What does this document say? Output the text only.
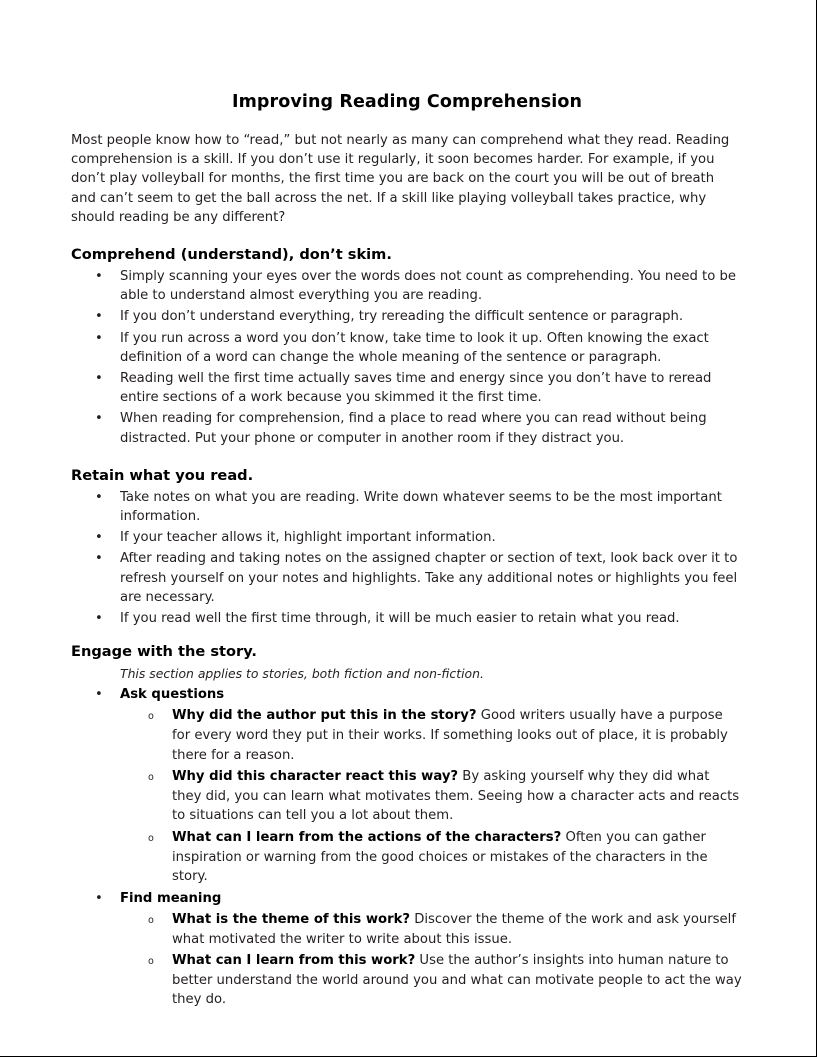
Improving Reading Comprehension

Most people know how to “read,” but not nearly as many can comprehend what they read. Reading comprehension is a skill. If you don’t use it regularly, it soon becomes harder. For example, if you don’t play volleyball for months, the first time you are back on the court you will be out of breath and can’t seem to get the ball across the net. If a skill like playing volleyball takes practice, why should reading be any different?

Comprehend (understand), don’t skim.
• Simply scanning your eyes over the words does not count as comprehending. You need to be able to understand almost everything you are reading.
• If you don’t understand everything, try rereading the difficult sentence or paragraph.
• If you run across a word you don’t know, take time to look it up. Often knowing the exact definition of a word can change the whole meaning of the sentence or paragraph.
• Reading well the first time actually saves time and energy since you don’t have to reread entire sections of a work because you skimmed it the first time.
• When reading for comprehension, find a place to read where you can read without being distracted. Put your phone or computer in another room if they distract you.
Retain what you read.
• Take notes on what you are reading. Write down whatever seems to be the most important information.
• If your teacher allows it, highlight important information.
• After reading and taking notes on the assigned chapter or section of text, look back over it to refresh yourself on your notes and highlights. Take any additional notes or highlights you feel are necessary.
• If you read well the first time through, it will be much easier to retain what you read.
Engage with the story.

This section applies to stories, both fiction and non-fiction.

• Ask questions
o Why did the author put this in the story? Good writers usually have a purpose for every word they put in their works. If something looks out of place, it is probably there for a reason.
o Why did this character react this way? By asking yourself why they did what they did, you can learn what motivates them. Seeing how a character acts and reacts to situations can tell you a lot about them.
o What can I learn from the actions of the characters? Often you can gather inspiration or warning from the good choices or mistakes of the characters in the story.
• Find meaning
o What is the theme of this work? Discover the theme of the work and ask yourself what motivated the writer to write about this issue.
o What can I learn from this work? Use the author’s insights into human nature to better understand the world around you and what can motivate people to act the way they do.
